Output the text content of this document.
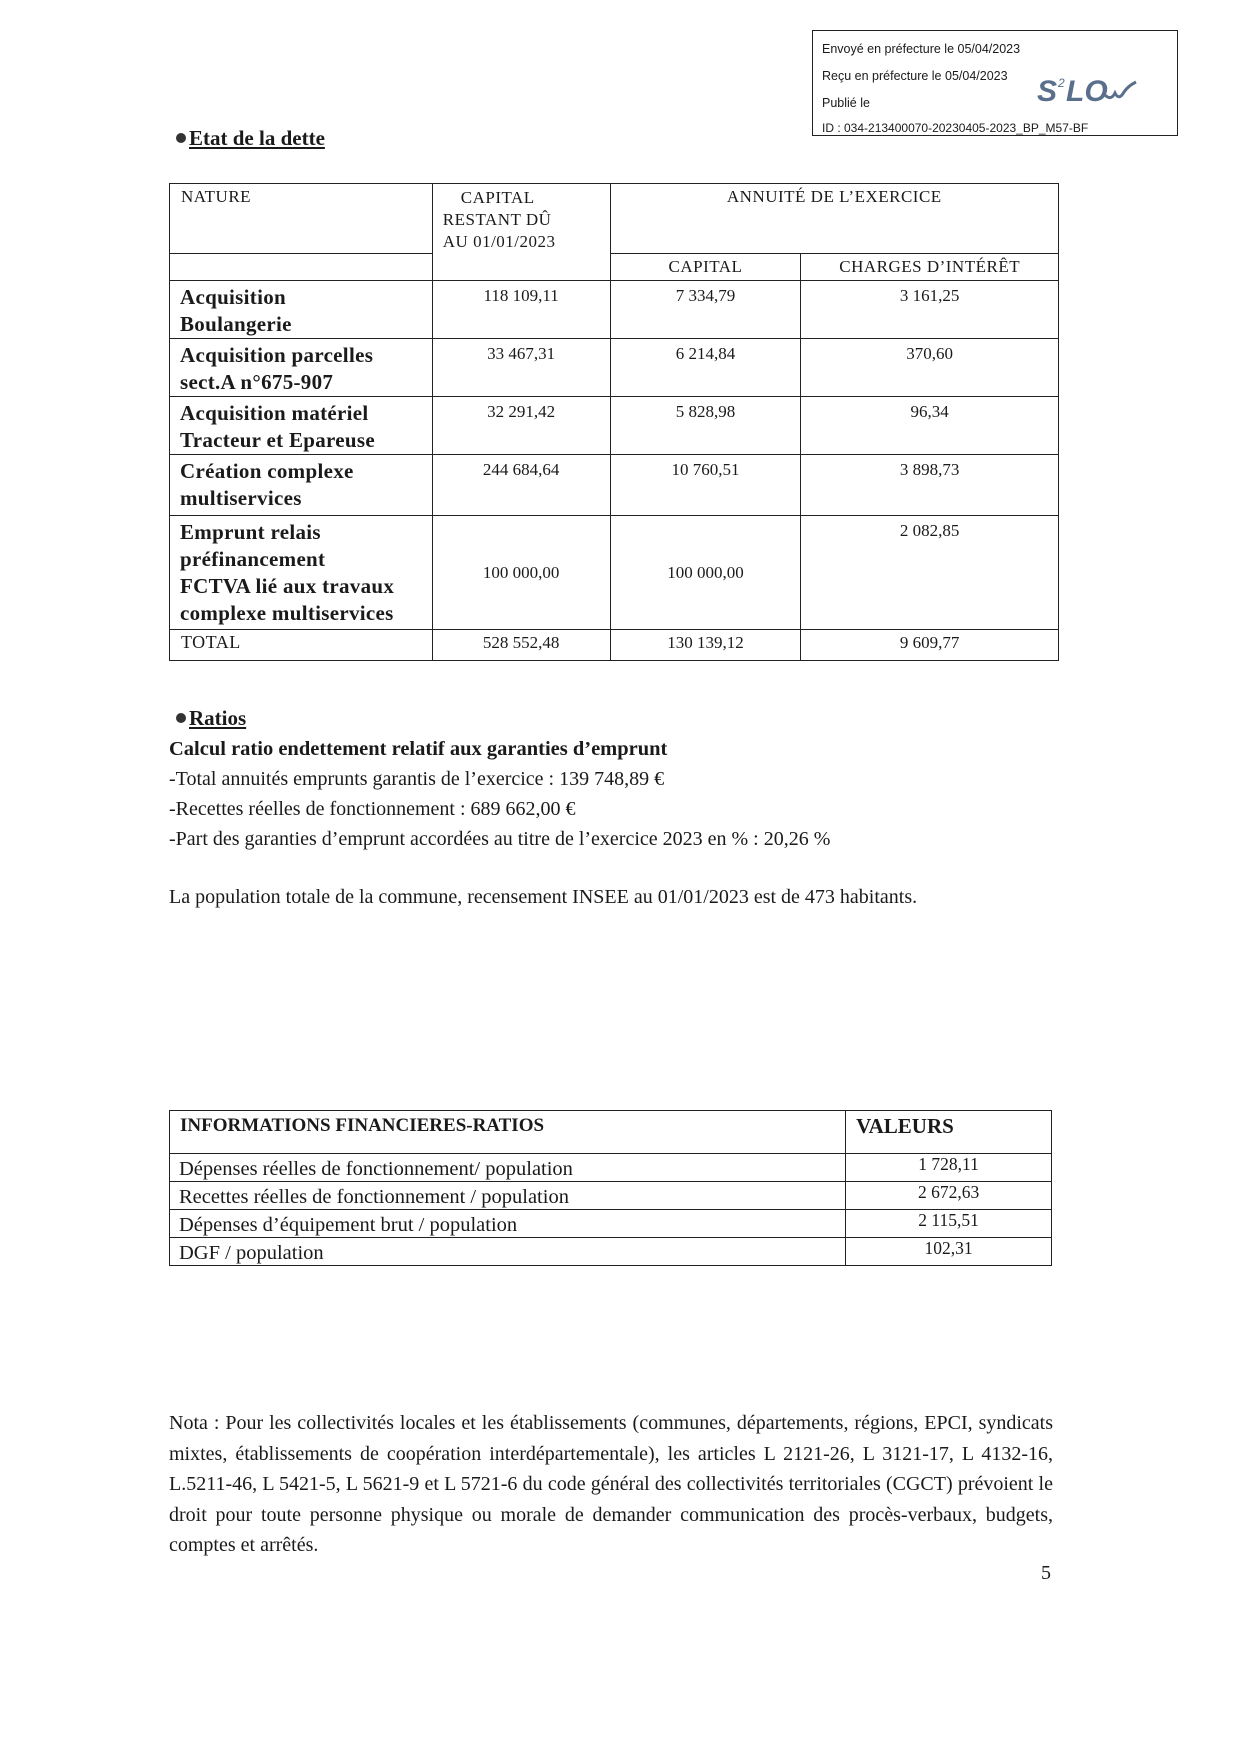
Envoyé en préfecture le 05/04/2023
Reçu en préfecture le 05/04/2023
Publié le
ID : 034-213400070-20230405-2023_BP_M57-BF
S 2 LO
Etat de la dette
NATURE	CAPITAL
RESTANT DÛ
AU 01/01/2023	ANNUITÉ DE L’EXERCICE	
		CAPITAL	CHARGES D’INTÉRÊT

Acquisition
Boulangerie	118 109,11	7 334,79	3 161,25

Acquisition parcelles
sect.A n°675-907	33 467,31	6 214,84	370,60

Acquisition matériel
Tracteur et Epareuse	32 291,42	5 828,98	96,34

Création complexe
multiservices	244 684,64	10 760,51	3 898,73

Emprunt relais
préfinancement
FCTVA lié aux travaux
complexe multiservices	100 000,00	100 000,00	2 082,85
TOTAL	528 552,48	130 139,12	9 609,77
Ratios
Calcul ratio endettement relatif aux garanties d’emprunt
-Total annuités emprunts garantis de l’exercice : 139 748,89 €
-Recettes réelles de fonctionnement : 689 662,00 €
-Part des garanties d’emprunt accordées au titre de l’exercice 2023 en % : 20,26 %
La population totale de la commune, recensement INSEE au 01/01/2023 est de 473 habitants.
INFORMATIONS FINANCIERES-RATIOS	VALEURS
Dépenses réelles de fonctionnement/ population	1 728,11
Recettes réelles de fonctionnement / population	2 672,63
Dépenses d’équipement brut / population	2 115,51
DGF / population	102,31
Nota : Pour les collectivités locales et les établissements (communes, départements, régions, EPCI, syndicats mixtes, établissements de coopération interdépartementale), les articles L 2121-26, L 3121-17, L 4132-16, L.5211-46, L 5421-5, L 5621-9 et L 5721-6 du code général des collectivités territoriales (CGCT) prévoient le droit pour toute personne physique ou morale de demander communication des procès-verbaux, budgets, comptes et arrêtés.
5
